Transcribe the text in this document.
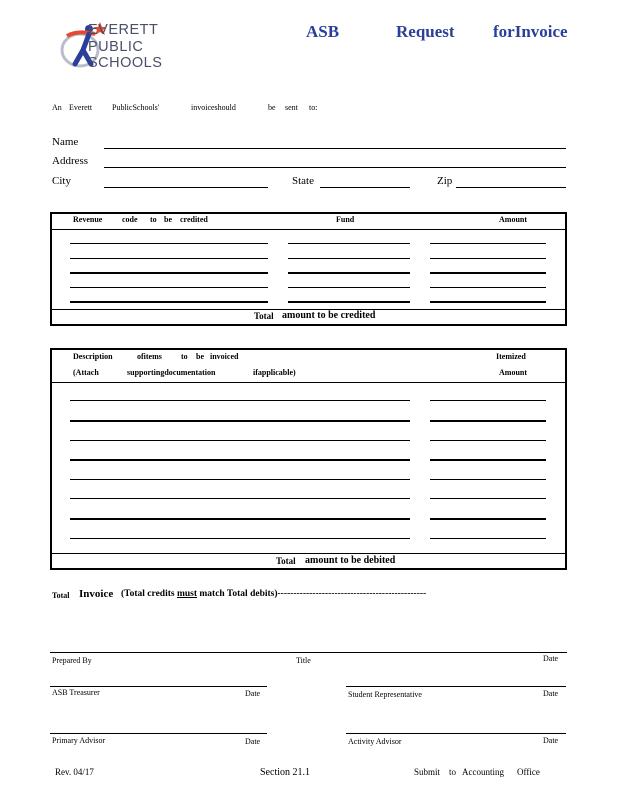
EVERETT
PUBLIC
SCHOOLS
ASB	Request forInvoice
An Everett PublicSchools'	invoiceshould	be sent to:
Name
Address
City	State	Zip
Revenue code to be credited	Fund	Amount
Total amount to be credited
Description	ofitems to be invoiced
(Attach	supportingdocumentation	ifapplicable)
Itemized
Amount
Total amount to be debited
Total Invoice (Total credits must match Total debits)-----------------------------------------------
Prepared By	Title	Date
ASB Treasurer	Date	Student Representative	Date
Primary Advisor	Date	Activity Advisor	Date
Rev. 04/17	Section 21.1	Submit to Accounting Office
